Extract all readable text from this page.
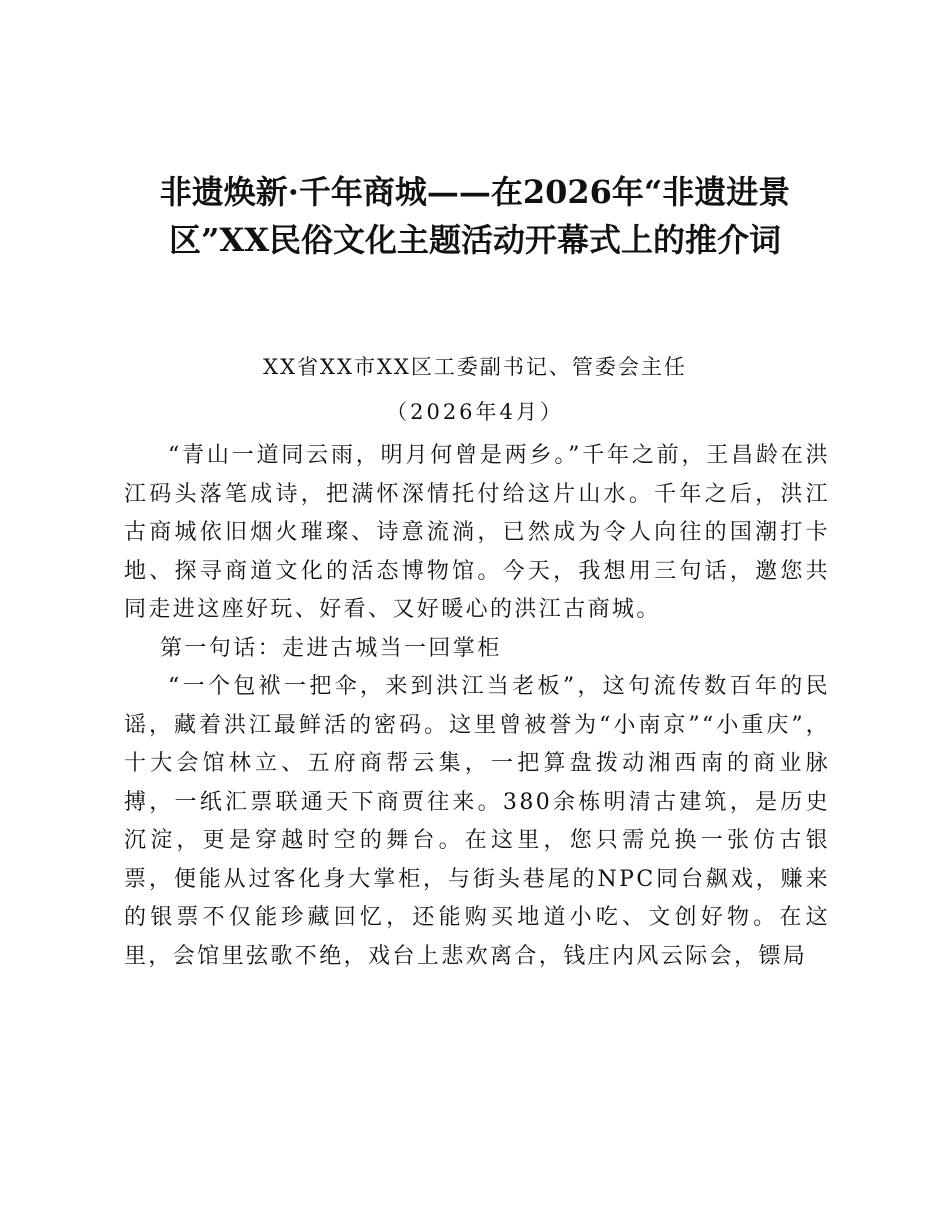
非遗焕新·千年商城——在2026年“非遗进景
区”XX民俗文化主题活动开幕式上的推介词
XX省XX市XX区工委副书记、管委会主任
（2026年4月）

“青山一道同云雨，明月何曾是两乡。”千年之前，王昌龄在洪江码头落笔成诗，把满怀深情托付给这片山水。千年之后，洪江古商城依旧烟火璀璨、诗意流淌，已然成为令人向往的国潮打卡地、探寻商道文化的活态博物馆。今天，我想用三句话，邀您共同走进这座好玩、好看、又好暖心的洪江古商城。

第一句话：走进古城当一回掌柜

“一个包袱一把伞，来到洪江当老板”，这句流传数百年的民谣，藏着洪江最鲜活的密码。这里曾被誉为“小南京”“小重庆”，十大会馆林立、五府商帮云集，一把算盘拨动湘西南的商业脉搏，一纸汇票联通天下商贾往来。380余栋明清古建筑，是历史沉淀，更是穿越时空的舞台。在这里，您只需兑换一张仿古银票，便能从过客化身大掌柜，与街头巷尾的NPC同台飙戏，赚来的银票不仅能珍藏回忆，还能购买地道小吃、文创好物。在这里，会馆里弦歌不绝，戏台上悲欢离合，钱庄内风云际会，镖局
